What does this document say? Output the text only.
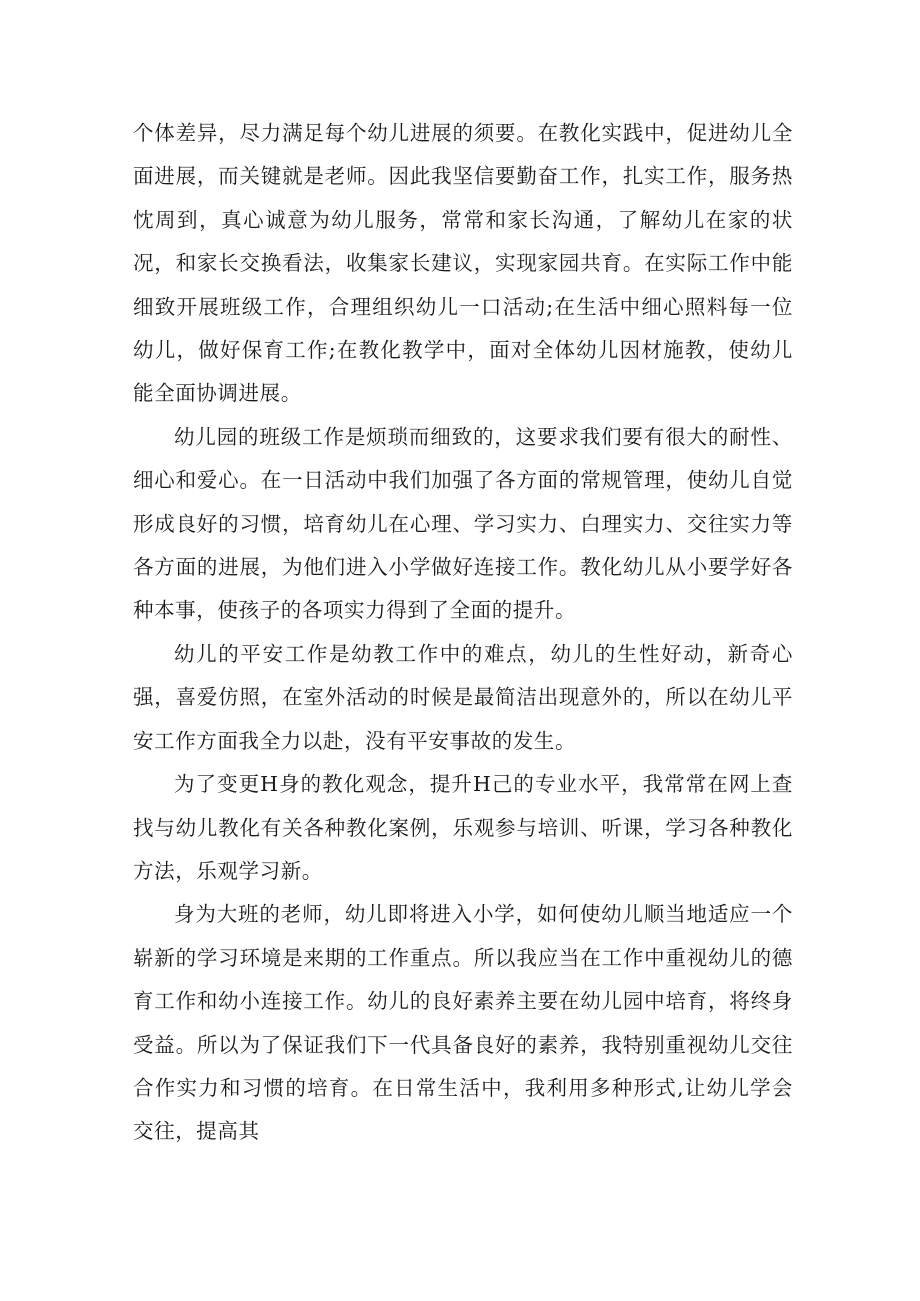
个体差异，尽力满足每个幼儿进展的须要。在教化实践中，促进幼儿全面进展，而关键就是老师。因此我坚信要勤奋工作，扎实工作，服务热忱周到，真心诚意为幼儿服务，常常和家长沟通，了解幼儿在家的状况，和家长交换看法，收集家长建议，实现家园共育。在实际工作中能细致开展班级工作，合理组织幼儿一口活动;在生活中细心照料每一位幼儿，做好保育工作;在教化教学中，面对全体幼儿因材施教，使幼儿能全面协调进展。

幼儿园的班级工作是烦琐而细致的，这要求我们要有很大的耐性、细心和爱心。在一日活动中我们加强了各方面的常规管理，使幼儿自觉形成良好的习惯，培育幼儿在心理、学习实力、白理实力、交往实力等各方面的进展，为他们进入小学做好连接工作。教化幼儿从小要学好各种本事，使孩子的各项实力得到了全面的提升。

幼儿的平安工作是幼教工作中的难点，幼儿的生性好动，新奇心强，喜爱仿照，在室外活动的时候是最简洁出现意外的，所以在幼儿平安工作方面我全力以赴，没有平安事故的发生。

为了变更H身的教化观念，提升H己的专业水平，我常常在网上查找与幼儿教化有关各种教化案例，乐观参与培训、听课，学习各种教化方法，乐观学习新。

身为大班的老师，幼儿即将进入小学，如何使幼儿顺当地适应一个崭新的学习环境是来期的工作重点。所以我应当在工作中重视幼儿的德育工作和幼小连接工作。幼儿的良好素养主要在幼儿园中培育，将终身受益。所以为了保证我们下一代具备良好的素养，我特别重视幼儿交往合作实力和习惯的培育。在日常生活中，我利用多种形式,让幼儿学会交往，提高其
